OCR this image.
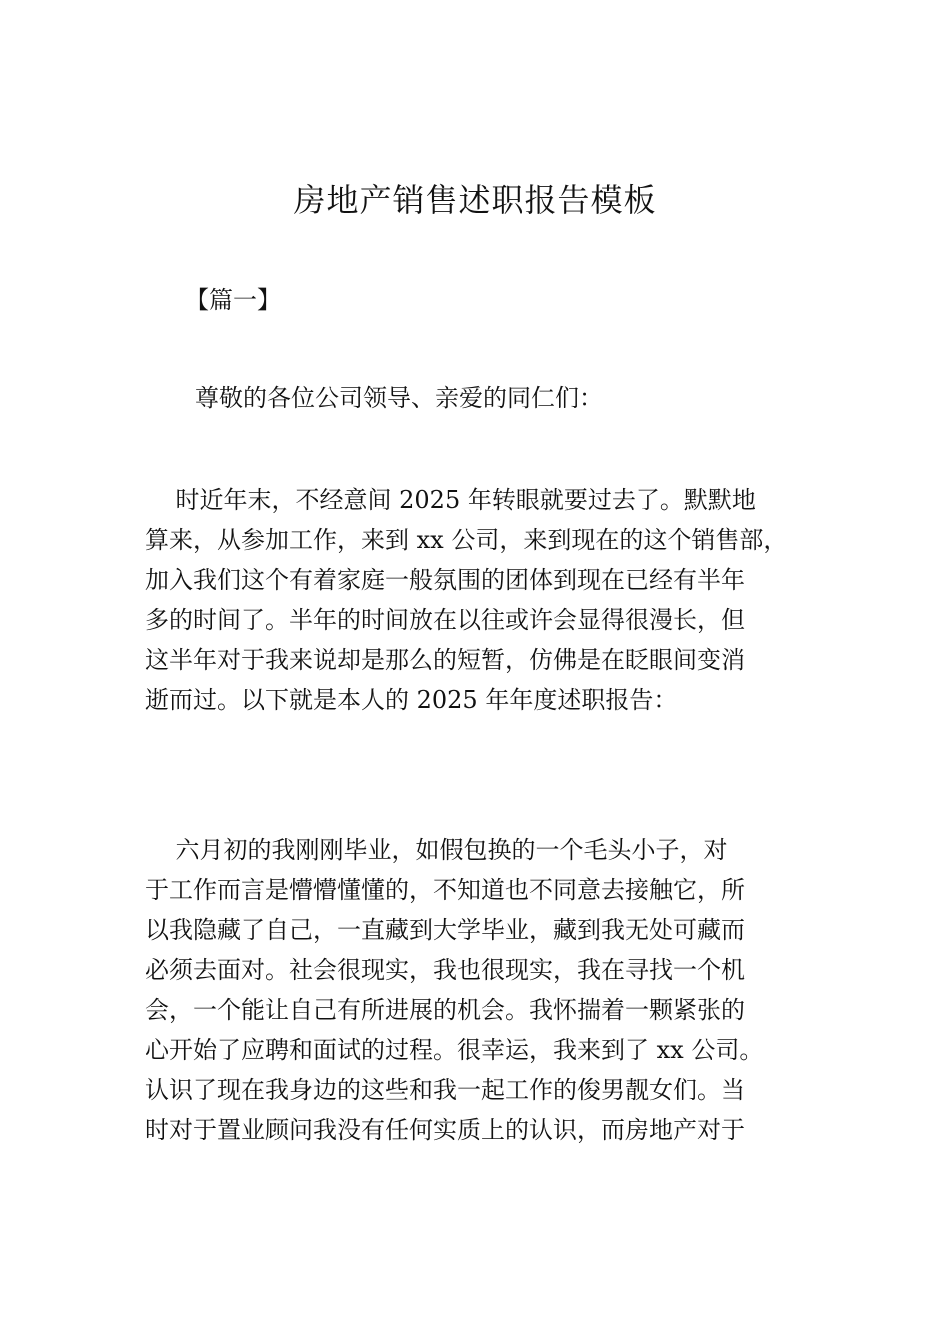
房地产销售述职报告模板

【篇一】

尊敬的各位公司领导、亲爱的同仁们：

时近年末，不经意间 2025 年转眼就要过去了。默默地
算来，从参加工作，来到 xx 公司，来到现在的这个销售部，
加入我们这个有着家庭一般氛围的团体到现在已经有半年
多的时间了。半年的时间放在以往或许会显得很漫长，但
这半年对于我来说却是那么的短暂，仿佛是在眨眼间变消
逝而过。以下就是本人的 2025 年年度述职报告：
六月初的我刚刚毕业，如假包换的一个毛头小子，对
于工作而言是懵懵懂懂的，不知道也不同意去接触它，所
以我隐藏了自己，一直藏到大学毕业，藏到我无处可藏而
必须去面对。社会很现实，我也很现实，我在寻找一个机
会，一个能让自己有所进展的机会。我怀揣着一颗紧张的
心开始了应聘和面试的过程。很幸运，我来到了 xx 公司。
认识了现在我身边的这些和我一起工作的俊男靓女们。当
时对于置业顾问我没有任何实质上的认识，而房地产对于
